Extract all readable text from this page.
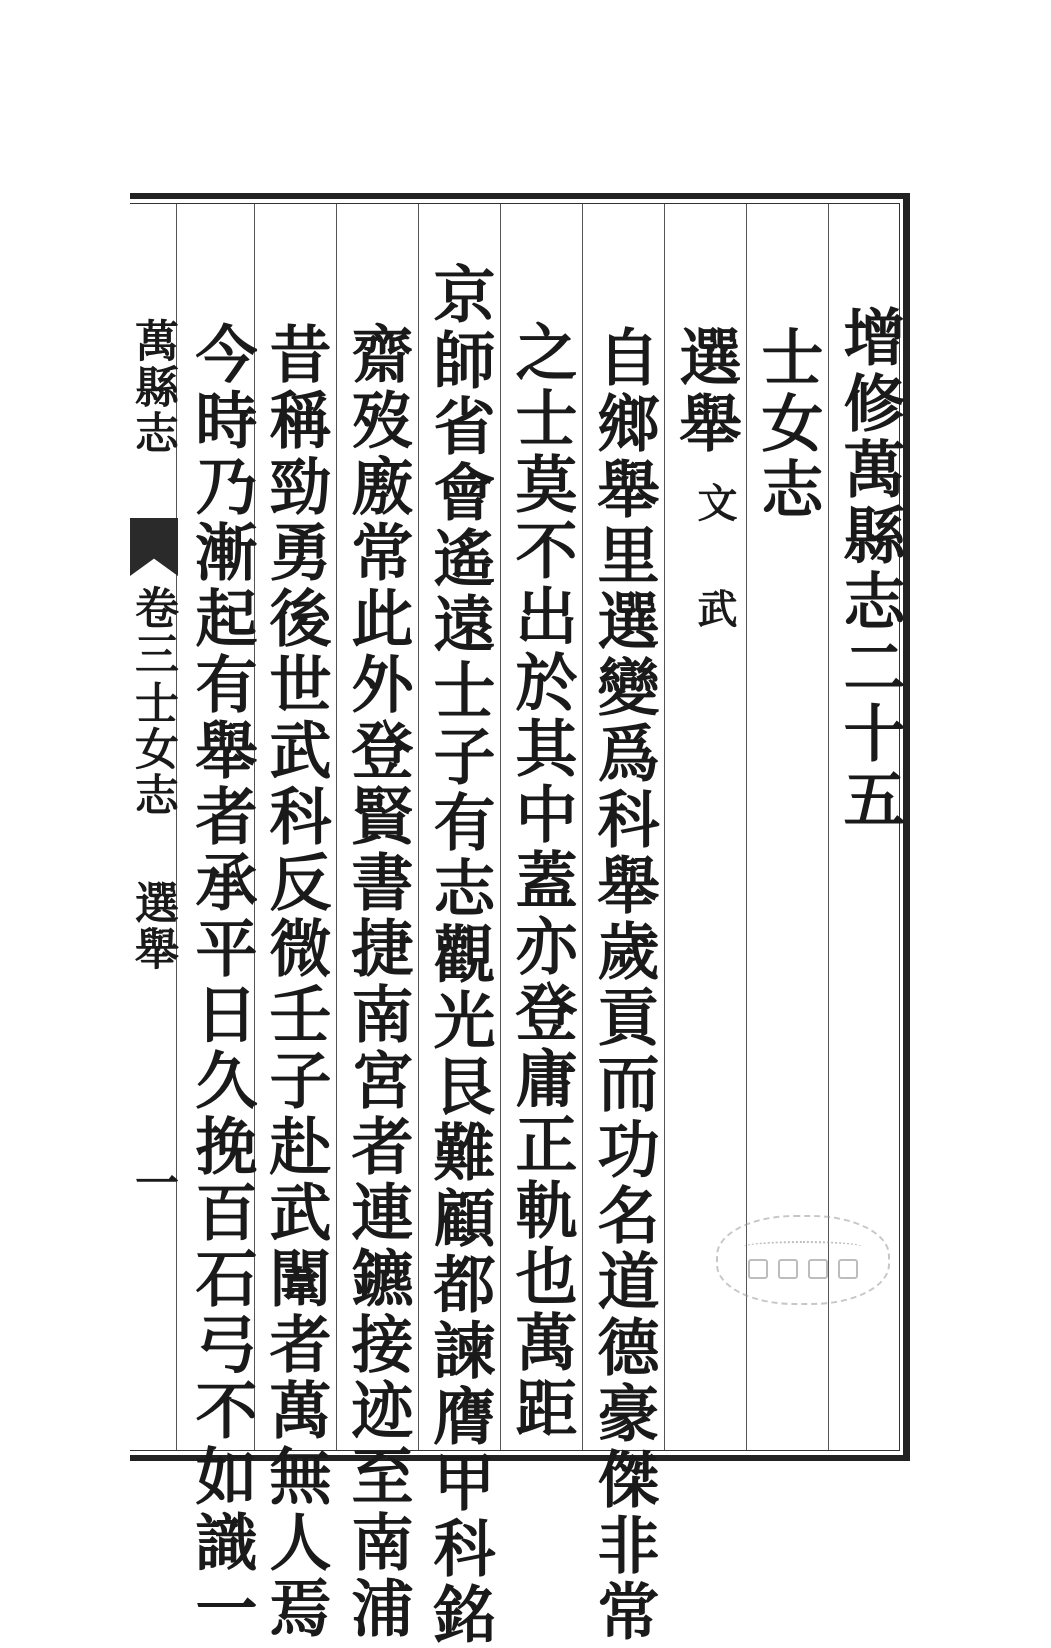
增修萬縣志二十五
士女志
選舉
文
武
自鄉舉里選變爲科舉歲貢而功名道德豪傑非常
之士莫不出於其中蓋亦登庸正軌也萬距
京師省會遙遠士子有志觀光艮難顧都諫膺甲科銘
齋歿廒常此外登賢書捷南宮者連鑣接迹至南浦
昔稱勁勇後世武科反微壬子赴武闈者萬無人焉
今時乃漸起有舉者承平日久挽百石弓不如識一
萬縣志
卷三
士女志
選舉
一
